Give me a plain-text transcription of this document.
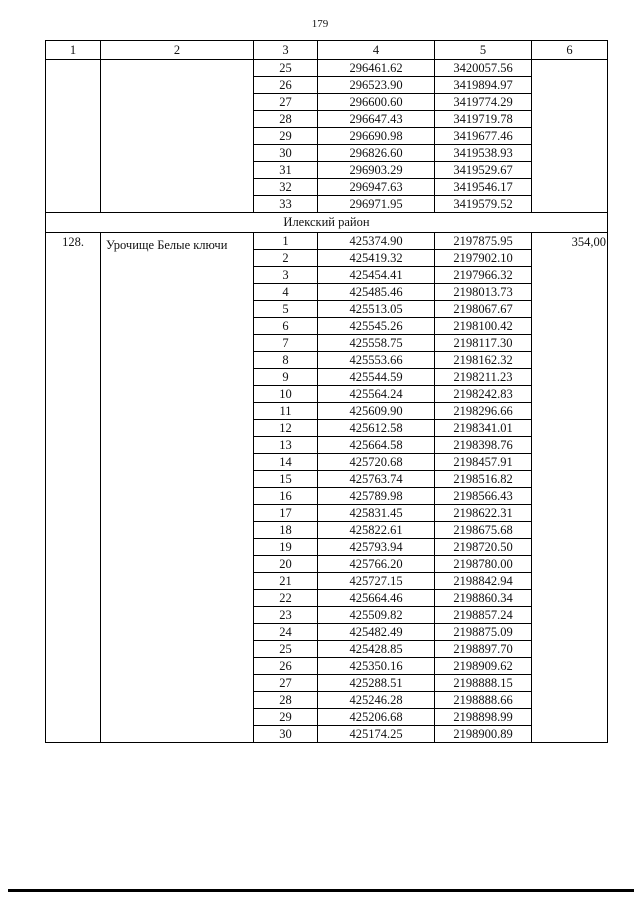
179
1	2	3	4	5	6
		25	296461.62	3420057.56	
		26	296523.90	3419894.97	
		27	296600.60	3419774.29	
		28	296647.43	3419719.78	
		29	296690.98	3419677.46	
		30	296826.60	3419538.93	
		31	296903.29	3419529.67	
		32	296947.63	3419546.17	
		33	296971.95	3419579.52	
Илекский район					
128.	Урочище Белые ключи	1	425374.90	2197875.95	354,00
		2	425419.32	2197902.10	
		3	425454.41	2197966.32	
		4	425485.46	2198013.73	
		5	425513.05	2198067.67	
		6	425545.26	2198100.42	
		7	425558.75	2198117.30	
		8	425553.66	2198162.32	
		9	425544.59	2198211.23	
		10	425564.24	2198242.83	
		11	425609.90	2198296.66	
		12	425612.58	2198341.01	
		13	425664.58	2198398.76	
		14	425720.68	2198457.91	
		15	425763.74	2198516.82	
		16	425789.98	2198566.43	
		17	425831.45	2198622.31	
		18	425822.61	2198675.68	
		19	425793.94	2198720.50	
		20	425766.20	2198780.00	
		21	425727.15	2198842.94	
		22	425664.46	2198860.34	
		23	425509.82	2198857.24	
		24	425482.49	2198875.09	
		25	425428.85	2198897.70	
		26	425350.16	2198909.62	
		27	425288.51	2198888.15	
		28	425246.28	2198888.66	
		29	425206.68	2198898.99	
		30	425174.25	2198900.89	
